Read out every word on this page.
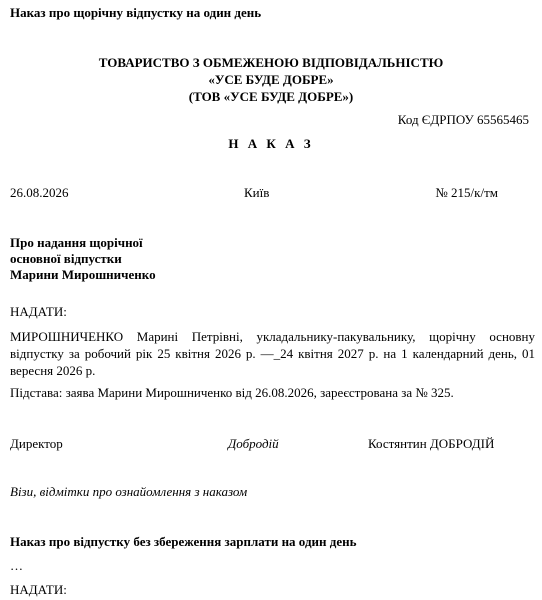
Наказ про щорічну відпустку на один день
ТОВАРИСТВО З ОБМЕЖЕНОЮ ВІДПОВІДАЛЬНІСТЮ
«УСЕ БУДЕ ДОБРЕ»
(ТОВ «УСЕ БУДЕ ДОБРЕ»)
Код ЄДРПОУ 65565465
Н А К А З
26.08.2026	Київ	№ 215/к/тм
Про надання щорічної
основної відпустки
Марини Мирошниченко
НАДАТИ:
МИРОШНИЧЕНКО Марині Петрівні, укладальнику-пакувальнику, щорічну основну відпустку за робочий рік 25 квітня 2026 р. —_24 квітня 2027 р. на 1 календарний день, 01 вересня 2026 р.
Підстава: заява Марини Мирошниченко від 26.08.2026, зареєстрована за № 325.
Директор	Добродій	Костянтин ДОБРОДІЙ
Візи, відмітки про ознайомлення з наказом
Наказ про відпустку без збереження зарплати на один день
…
НАДАТИ:
